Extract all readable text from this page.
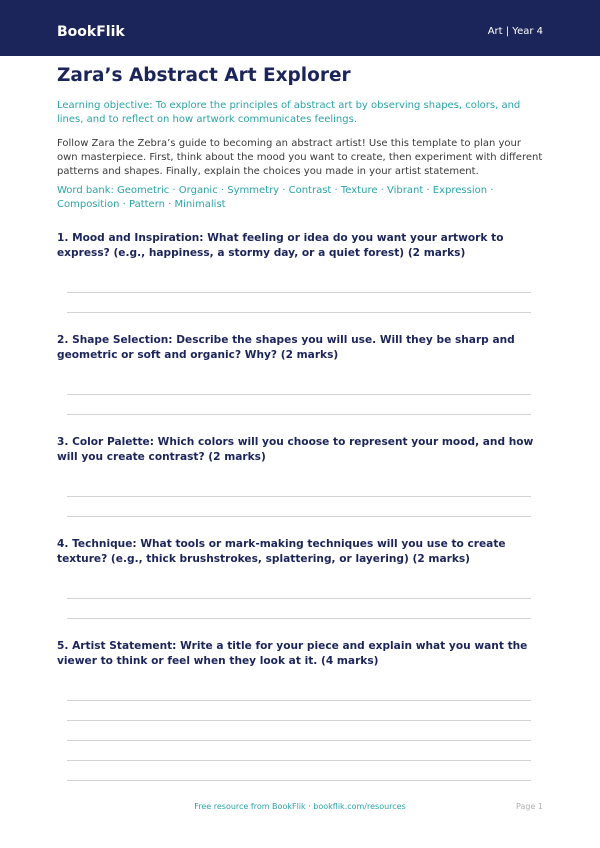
BookFlik	Art | Year 4
Zara’s Abstract Art Explorer

Learning objective: To explore the principles of abstract art by observing shapes, colors, and lines, and to reflect on how artwork communicates feelings.

Follow Zara the Zebra’s guide to becoming an abstract artist! Use this template to plan your own masterpiece. First, think about the mood you want to create, then experiment with different patterns and shapes. Finally, explain the choices you made in your artist statement.

Word bank: Geometric · Organic · Symmetry · Contrast · Texture · Vibrant · Expression · Composition · Pattern · Minimalist

1. Mood and Inspiration: What feeling or idea do you want your artwork to express? (e.g., happiness, a stormy day, or a quiet forest) (2 marks)

2. Shape Selection: Describe the shapes you will use. Will they be sharp and geometric or soft and organic? Why? (2 marks)

3. Color Palette: Which colors will you choose to represent your mood, and how will you create contrast? (2 marks)

4. Technique: What tools or mark-making techniques will you use to create texture? (e.g., thick brushstrokes, splattering, or layering) (2 marks)

5. Artist Statement: Write a title for your piece and explain what you want the viewer to think or feel when they look at it. (4 marks)

Free resource from BookFlik · bookflik.com/resources	Page 1
